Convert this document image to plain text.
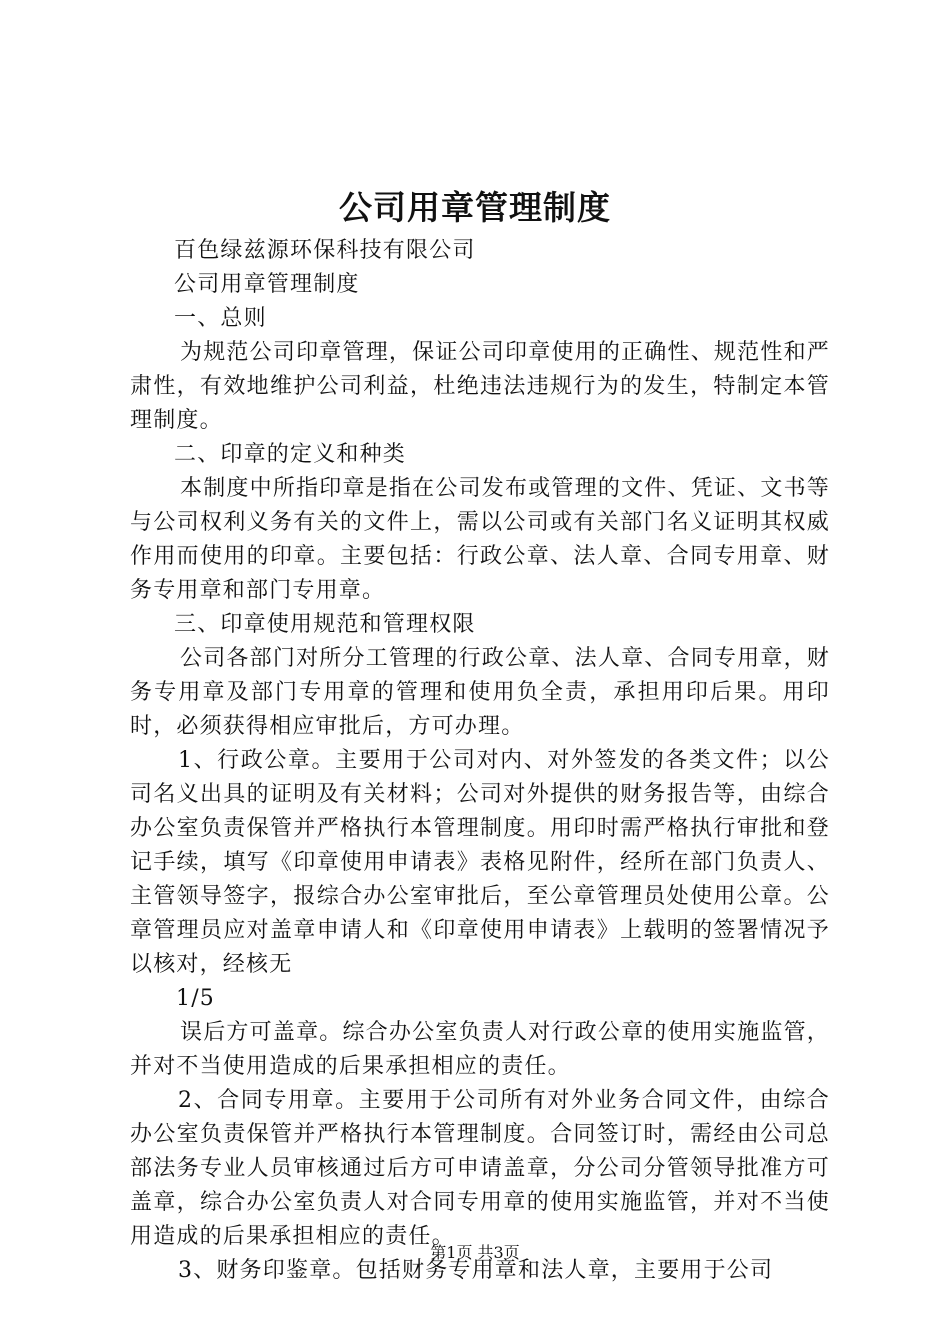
公司用章管理制度

百色绿兹源环保科技有限公司

公司用章管理制度

一、总则

为规范公司印章管理，保证公司印章使用的正确性、规范性和严肃性，有效地维护公司利益，杜绝违法违规行为的发生，特制定本管理制度。

二、印章的定义和种类

本制度中所指印章是指在公司发布或管理的文件、凭证、文书等与公司权利义务有关的文件上，需以公司或有关部门名义证明其权威作用而使用的印章。主要包括：行政公章、法人章、合同专用章、财务专用章和部门专用章。

三、印章使用规范和管理权限

公司各部门对所分工管理的行政公章、法人章、合同专用章，财务专用章及部门专用章的管理和使用负全责，承担用印后果。用印时，必须获得相应审批后，方可办理。

1、行政公章。主要用于公司对内、对外签发的各类文件；以公司名义出具的证明及有关材料；公司对外提供的财务报告等，由综合办公室负责保管并严格执行本管理制度。用印时需严格执行审批和登记手续，填写《印章使用申请表》表格见附件，经所在部门负责人、主管领导签字，报综合办公室审批后，至公章管理员处使用公章。公章管理员应对盖章申请人和《印章使用申请表》上载明的签署情况予以核对，经核无

1/5

误后方可盖章。综合办公室负责人对行政公章的使用实施监管，并对不当使用造成的后果承担相应的责任。

2、合同专用章。主要用于公司所有对外业务合同文件，由综合办公室负责保管并严格执行本管理制度。合同签订时，需经由公司总部法务专业人员审核通过后方可申请盖章，分公司分管领导批准方可盖章，综合办公室负责人对合同专用章的使用实施监管，并对不当使用造成的后果承担相应的责任。

3、财务印鉴章。包括财务专用章和法人章，主要用于公司

第1页 共3页
